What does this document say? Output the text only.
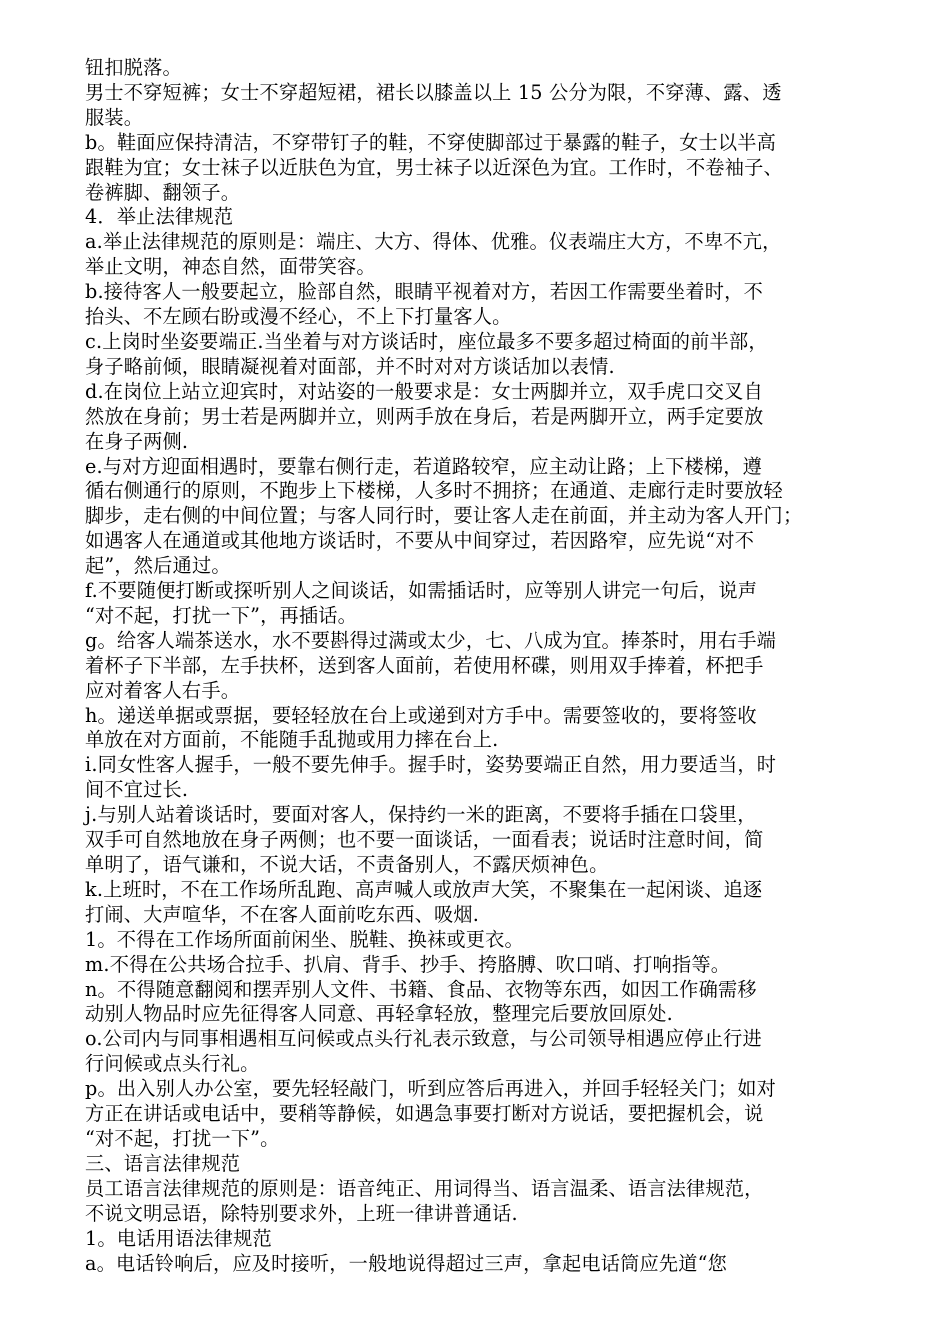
钮扣脱落。

男士不穿短裤；女士不穿超短裙，裙长以膝盖以上 15 公分为限，不穿薄、露、透
服装。

b。鞋面应保持清洁，不穿带钉子的鞋，不穿使脚部过于暴露的鞋子，女士以半高
跟鞋为宜；女士袜子以近肤色为宜，男士袜子以近深色为宜。工作时，不卷袖子、
卷裤脚、翻领子。

4．举止法律规范

a.举止法律规范的原则是：端庄、大方、得体、优雅。仪表端庄大方，不卑不亢，
举止文明，神态自然，面带笑容。

b.接待客人一般要起立，脸部自然，眼睛平视着对方，若因工作需要坐着时，不
抬头、不左顾右盼或漫不经心，不上下打量客人。

c.上岗时坐姿要端正.当坐着与对方谈话时，座位最多不要多超过椅面的前半部，
身子略前倾，眼睛凝视着对面部，并不时对对方谈话加以表情.

d.在岗位上站立迎宾时，对站姿的一般要求是：女士两脚并立，双手虎口交叉自
然放在身前；男士若是两脚并立，则两手放在身后，若是两脚开立，两手定要放
在身子两侧.

e.与对方迎面相遇时，要靠右侧行走，若道路较窄，应主动让路；上下楼梯，遵
循右侧通行的原则，不跑步上下楼梯，人多时不拥挤；在通道、走廊行走时要放轻
脚步，走右侧的中间位置；与客人同行时，要让客人走在前面，并主动为客人开门；
如遇客人在通道或其他地方谈话时，不要从中间穿过，若因路窄，应先说“对不
起”，然后通过。

f.不要随便打断或探听别人之间谈话，如需插话时，应等别人讲完一句后，说声
“对不起，打扰一下”，再插话。

g。给客人端茶送水，水不要斟得过满或太少，七、八成为宜。捧茶时，用右手端
着杯子下半部，左手扶杯，送到客人面前，若使用杯碟，则用双手捧着，杯把手
应对着客人右手。

h。递送单据或票据，要轻轻放在台上或递到对方手中。需要签收的，要将签收
单放在对方面前，不能随手乱抛或用力摔在台上.

i.同女性客人握手，一般不要先伸手。握手时，姿势要端正自然，用力要适当，时
间不宜过长.

j.与别人站着谈话时，要面对客人，保持约一米的距离，不要将手插在口袋里，
双手可自然地放在身子两侧；也不要一面谈话，一面看表；说话时注意时间，简
单明了，语气谦和，不说大话，不责备别人，不露厌烦神色。

k.上班时，不在工作场所乱跑、高声喊人或放声大笑，不聚集在一起闲谈、追逐
打闹、大声喧华，不在客人面前吃东西、吸烟.

1。不得在工作场所面前闲坐、脱鞋、换袜或更衣。

m.不得在公共场合拉手、扒肩、背手、抄手、挎胳膊、吹口哨、打响指等。

n。不得随意翻阅和摆弄别人文件、书籍、食品、衣物等东西，如因工作确需移
动别人物品时应先征得客人同意、再轻拿轻放，整理完后要放回原处.

o.公司内与同事相遇相互问候或点头行礼表示致意，与公司领导相遇应停止行进
行问候或点头行礼。

p。出入别人办公室，要先轻轻敲门，听到应答后再进入，并回手轻轻关门；如对
方正在讲话或电话中，要稍等静候，如遇急事要打断对方说话，要把握机会，说
“对不起，打扰一下”。

三、语言法律规范

员工语言法律规范的原则是：语音纯正、用词得当、语言温柔、语言法律规范，
不说文明忌语，除特别要求外，上班一律讲普通话.

1。电话用语法律规范

a。电话铃响后，应及时接听，一般地说得超过三声，拿起电话筒应先道“您
